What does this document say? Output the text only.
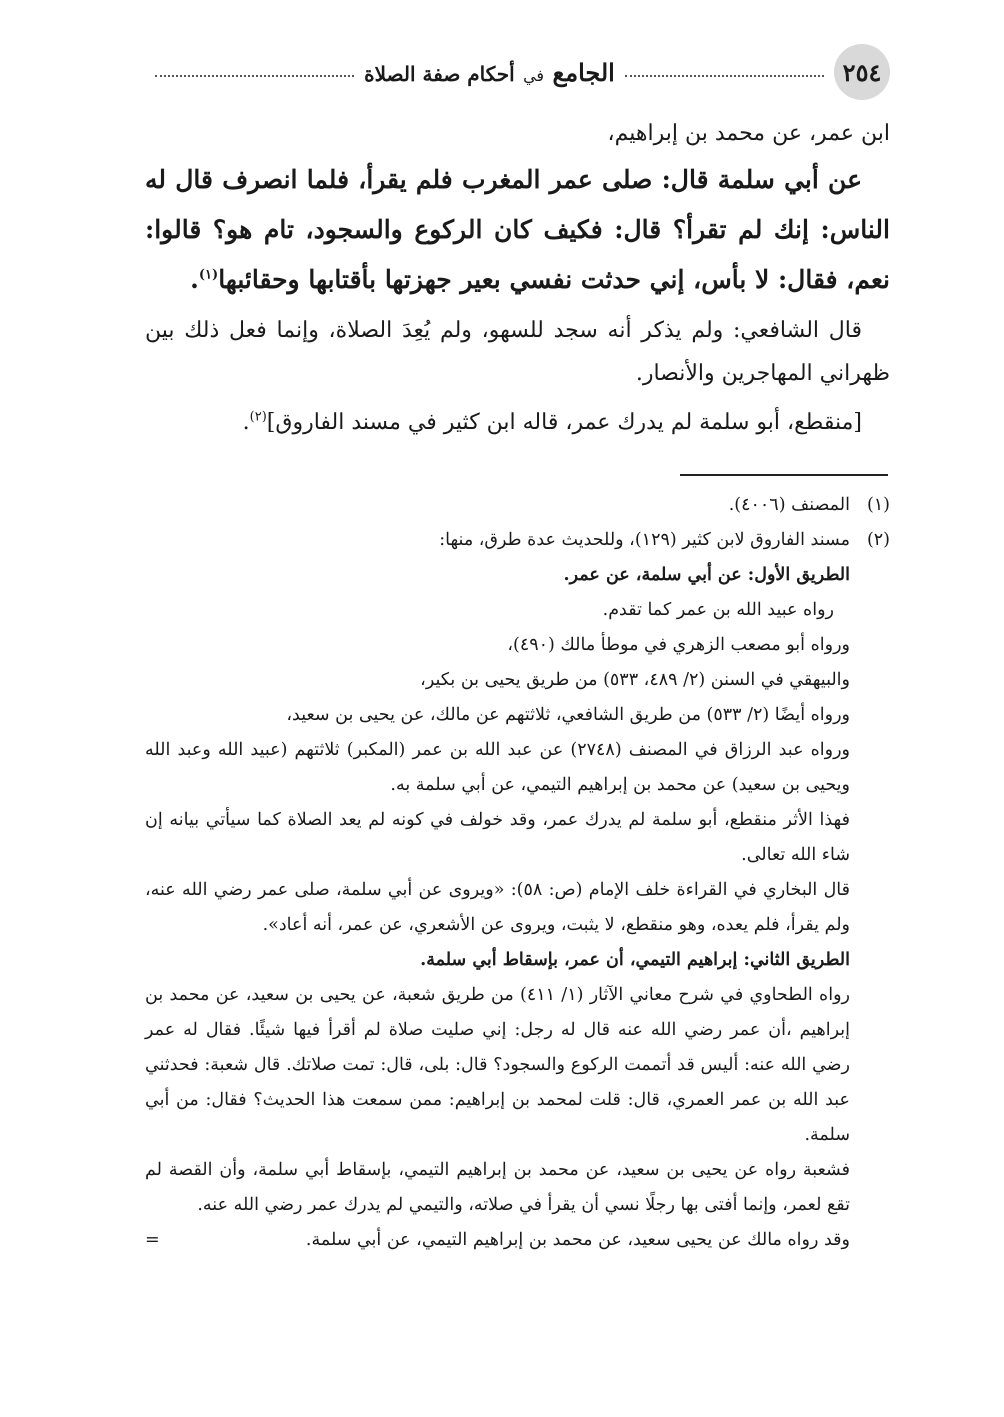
٢٥٤
الجامع في أحكام صفة الصلاة

ابن عمر، عن محمد بن إبراهيم،

عن أبي سلمة قال: صلى عمر المغرب فلم يقرأ، فلما انصرف قال له الناس: إنك لم تقرأ؟ قال: فكيف كان الركوع والسجود، تام هو؟ قالوا: نعم، فقال: لا بأس، إني حدثت نفسي بعير جهزتها بأقتابها وحقائبها$^{(١)}$.

قال الشافعي: ولم يذكر أنه سجد للسهو، ولم يُعِدَ الصلاة، وإنما فعل ذلك بين ظهراني المهاجرين والأنصار.

[منقطع، أبو سلمة لم يدرك عمر، قاله ابن كثير في مسند الفاروق]$^{(٢)}$.

(١)

المصنف (٤٠٠٦).

(٢)

مسند الفاروق لابن كثير (١٢٩)، وللحديث عدة طرق، منها:

الطريق الأول: عن أبي سلمة، عن عمر.

رواه عبيد الله بن عمر كما تقدم.

ورواه أبو مصعب الزهري في موطأ مالك (٤٩٠)،

والبيهقي في السنن (٢/ ٤٨٩، ٥٣٣) من طريق يحيى بن بكير،

ورواه أيضًا (٢/ ٥٣٣) من طريق الشافعي، ثلاثتهم عن مالك، عن يحيى بن سعيد،

ورواه عبد الرزاق في المصنف (٢٧٤٨) عن عبد الله بن عمر (المكبر) ثلاثتهم (عبيد الله وعبد الله ويحيى بن سعيد) عن محمد بن إبراهيم التيمي، عن أبي سلمة به.

فهذا الأثر منقطع، أبو سلمة لم يدرك عمر، وقد خولف في كونه لم يعد الصلاة كما سيأتي بيانه إن شاء الله تعالى.

قال البخاري في القراءة خلف الإمام (ص: ٥٨): «ويروى عن أبي سلمة، صلى عمر رضي الله عنه، ولم يقرأ، فلم يعده، وهو منقطع، لا يثبت، ويروى عن الأشعري، عن عمر، أنه أعاد».

الطريق الثاني: إبراهيم التيمي، أن عمر، بإسقاط أبي سلمة.

رواه الطحاوي في شرح معاني الآثار (١/ ٤١١) من طريق شعبة، عن يحيى بن سعيد، عن محمد بن إبراهيم ،أن عمر رضي الله عنه قال له رجل: إني صليت صلاة لم أقرأ فيها شيئًا. فقال له عمر رضي الله عنه: أليس قد أتممت الركوع والسجود؟ قال: بلى، قال: تمت صلاتك. قال شعبة: فحدثني عبد الله بن عمر العمري، قال: قلت لمحمد بن إبراهيم: ممن سمعت هذا الحديث؟ فقال: من أبي سلمة.

فشعبة رواه عن يحيى بن سعيد، عن محمد بن إبراهيم التيمي، بإسقاط أبي سلمة، وأن القصة لم تقع لعمر، وإنما أفتى بها رجلًا نسي أن يقرأ في صلاته، والتيمي لم يدرك عمر رضي الله عنه.

وقد رواه مالك عن يحيى سعيد، عن محمد بن إبراهيم التيمي، عن أبي سلمة.
=
